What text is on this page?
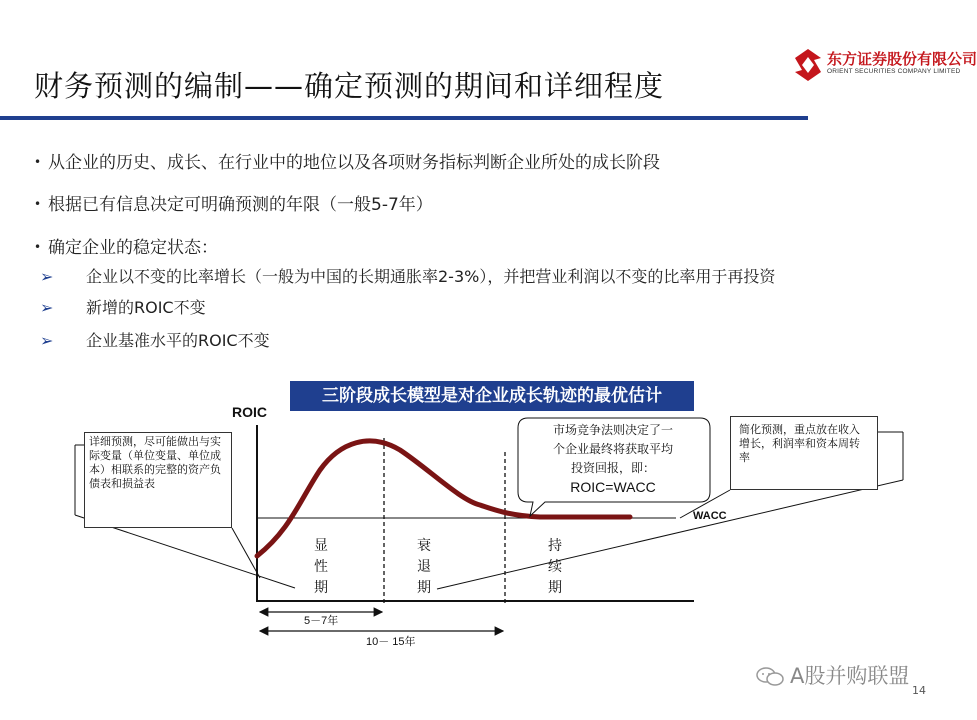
财务预测的编制——确定预测的期间和详细程度
东方证券股份有限公司
ORIENT SECURITIES COMPANY LIMITED
• 从企业的历史、成长、在行业中的地位以及各项财务指标判断企业所处的成长阶段
• 根据已有信息决定可明确预测的年限（一般5-7年）
• 确定企业的稳定状态：
➢ 企业以不变的比率增长（一般为中国的长期通胀率2-3%），并把营业利润以不变的比率用于再投资
➢ 新增的ROIC不变
➢ 企业基准水平的ROIC不变
三阶段成长模型是对企业成长轨迹的最优估计
ROIC
WACC
详细预测，尽可能做出与实际变量（单位变量、单位成本）相联系的完整的资产负债表和损益表
简化预测，重点放在收入增长，利润率和资本周转率
市场竞争法则决定了一
个企业最终将获取平均
投资回报，即：
ROIC=WACC
显
性
期
衰
退
期
持
续
期
5－7年
10－ 15年
A股并购联盟
14
